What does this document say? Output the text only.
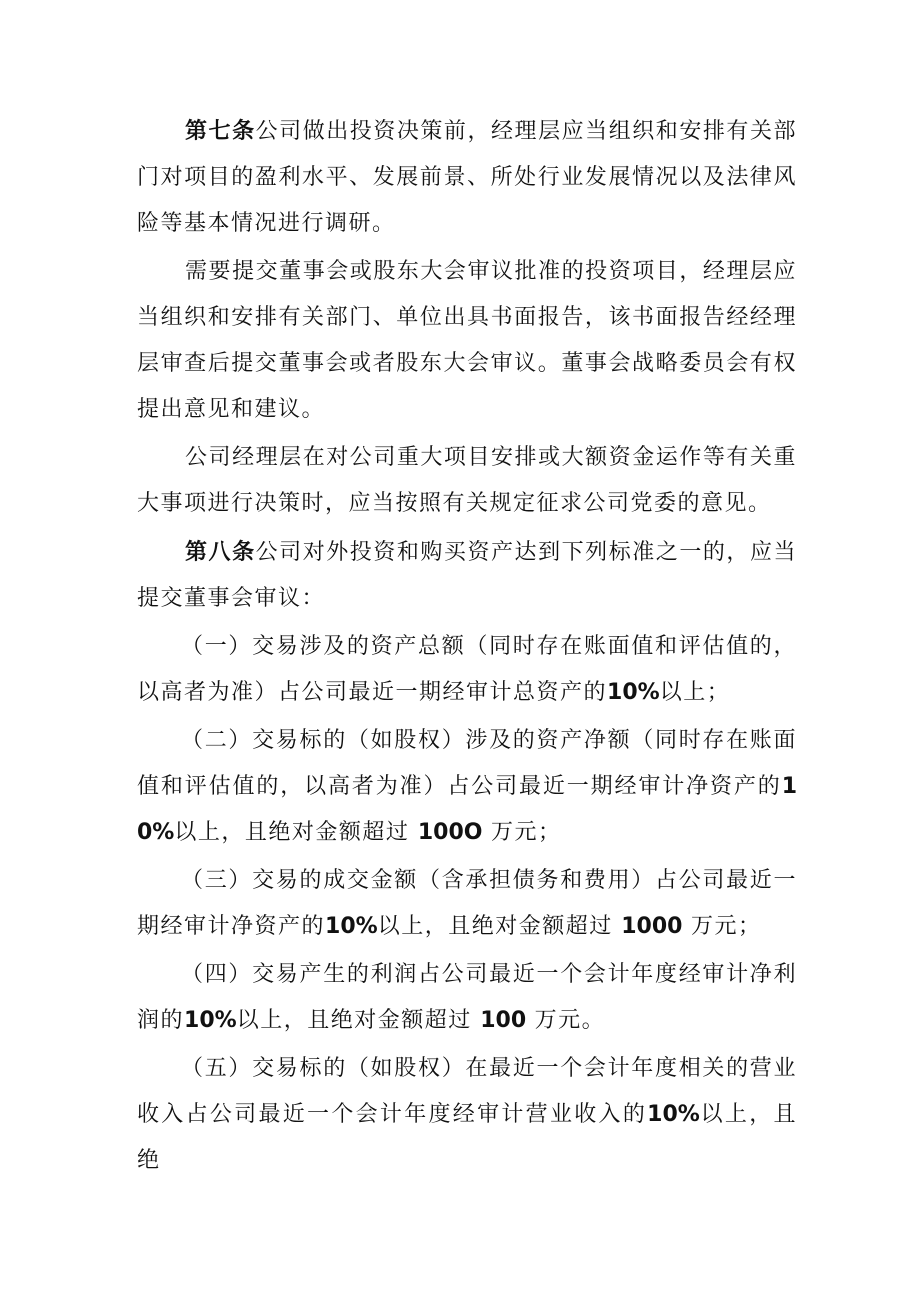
第七条公司做出投资决策前，经理层应当组织和安排有关部门对项目的盈利水平、发展前景、所处行业发展情况以及法律风险等基本情况进行调研。

需要提交董事会或股东大会审议批准的投资项目，经理层应当组织和安排有关部门、单位出具书面报告，该书面报告经经理层审查后提交董事会或者股东大会审议。董事会战略委员会有权提出意见和建议。

公司经理层在对公司重大项目安排或大额资金运作等有关重大事项进行决策时，应当按照有关规定征求公司党委的意见。

第八条公司对外投资和购买资产达到下列标准之一的，应当提交董事会审议：

（一）交易涉及的资产总额（同时存在账面值和评估值的，以高者为准）占公司最近一期经审计总资产的10%以上；

（二）交易标的（如股权）涉及的资产净额（同时存在账面值和评估值的，以高者为准）占公司最近一期经审计净资产的10%以上，且绝对金额超过 100O 万元；

（三）交易的成交金额（含承担债务和费用）占公司最近一期经审计净资产的10%以上，且绝对金额超过 1000 万元；

（四）交易产生的利润占公司最近一个会计年度经审计净利润的10%以上，且绝对金额超过 100 万元。

（五）交易标的（如股权）在最近一个会计年度相关的营业收入占公司最近一个会计年度经审计营业收入的10%以上，且绝
